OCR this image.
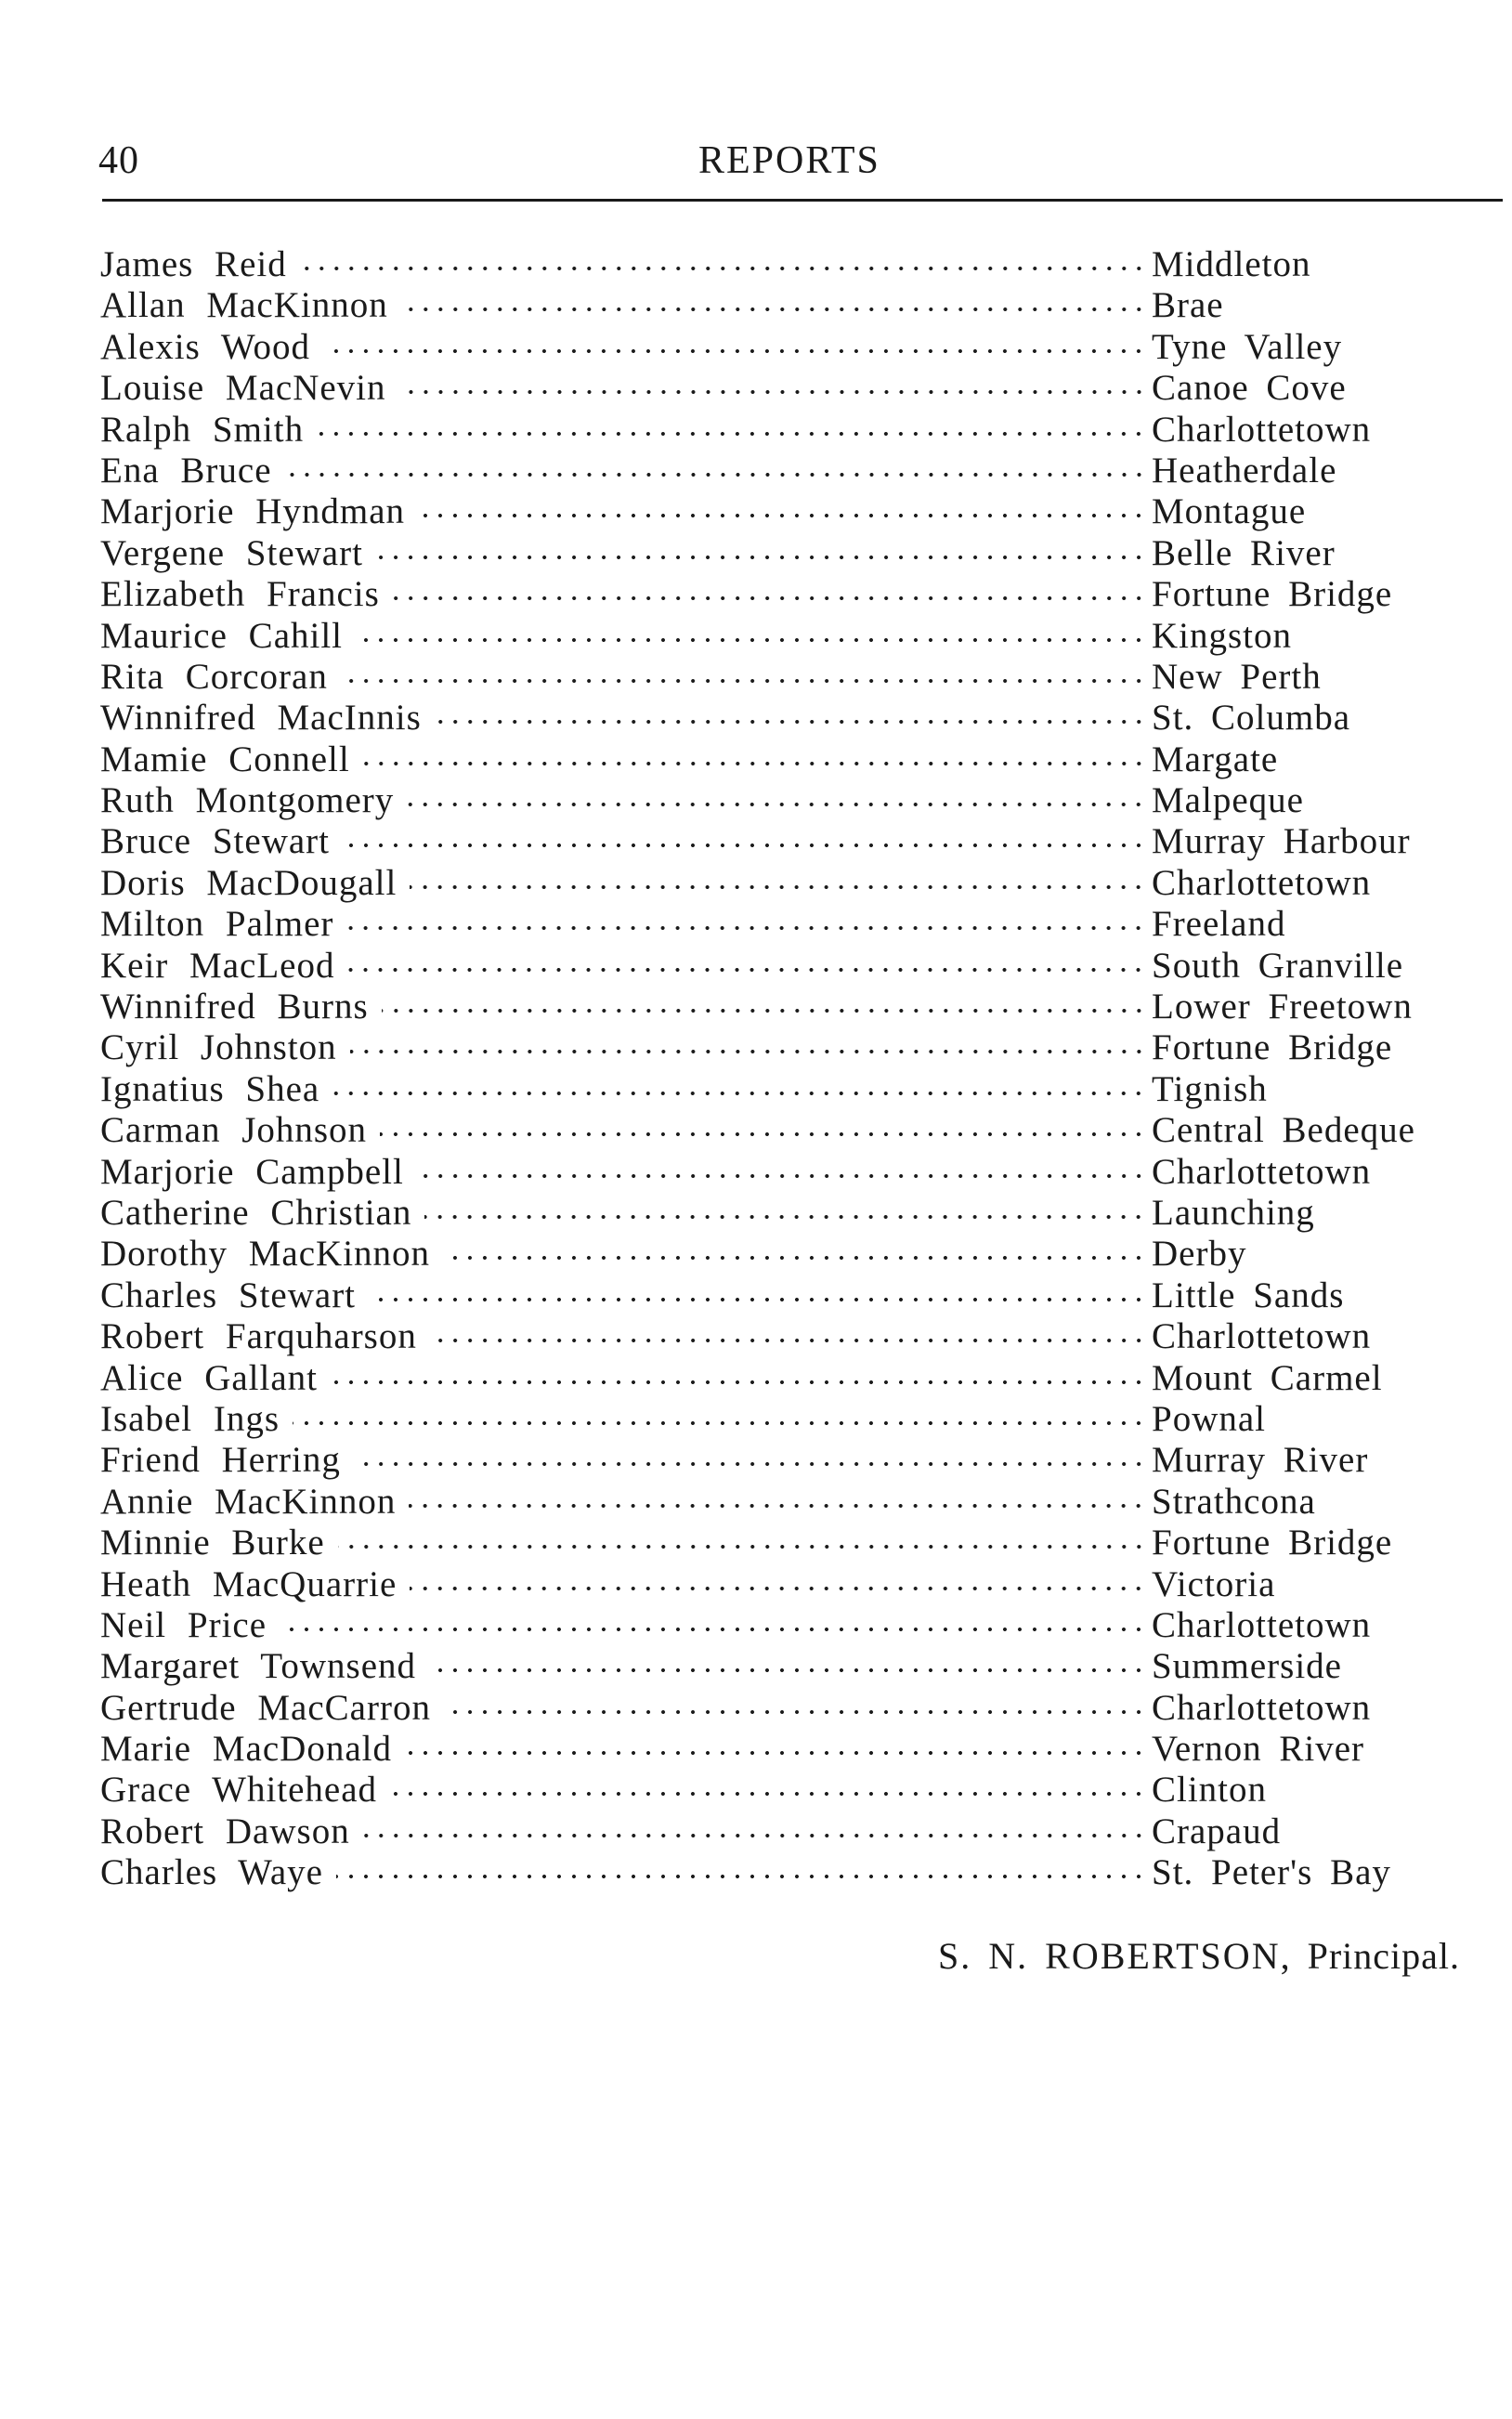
40	REPORTS
James Reid	Middleton
Allan MacKinnon	Brae
Alexis Wood	Tyne Valley
Louise MacNevin	Canoe Cove
Ralph Smith	Charlottetown
Ena Bruce	Heatherdale
Marjorie Hyndman	Montague
Vergene Stewart	Belle River
Elizabeth Francis	Fortune Bridge
Maurice Cahill	Kingston
Rita Corcoran	New Perth
Winnifred MacInnis	St. Columba
Mamie Connell	Margate
Ruth Montgomery	Malpeque
Bruce Stewart	Murray Harbour
Doris MacDougall	Charlottetown
Milton Palmer	Freeland
Keir MacLeod	South Granville
Winnifred Burns	Lower Freetown
Cyril Johnston	Fortune Bridge
Ignatius Shea	Tignish
Carman Johnson	Central Bedeque
Marjorie Campbell	Charlottetown
Catherine Christian	Launching
Dorothy MacKinnon	Derby
Charles Stewart	Little Sands
Robert Farquharson	Charlottetown
Alice Gallant	Mount Carmel
Isabel Ings	Pownal
Friend Herring	Murray River
Annie MacKinnon	Strathcona
Minnie Burke	Fortune Bridge
Heath MacQuarrie	Victoria
Neil Price	Charlottetown
Margaret Townsend	Summerside
Gertrude MacCarron	Charlottetown
Marie MacDonald	Vernon River
Grace Whitehead	Clinton
Robert Dawson	Crapaud
Charles Waye	St. Peter's Bay
S. N. ROBERTSON, Principal.
